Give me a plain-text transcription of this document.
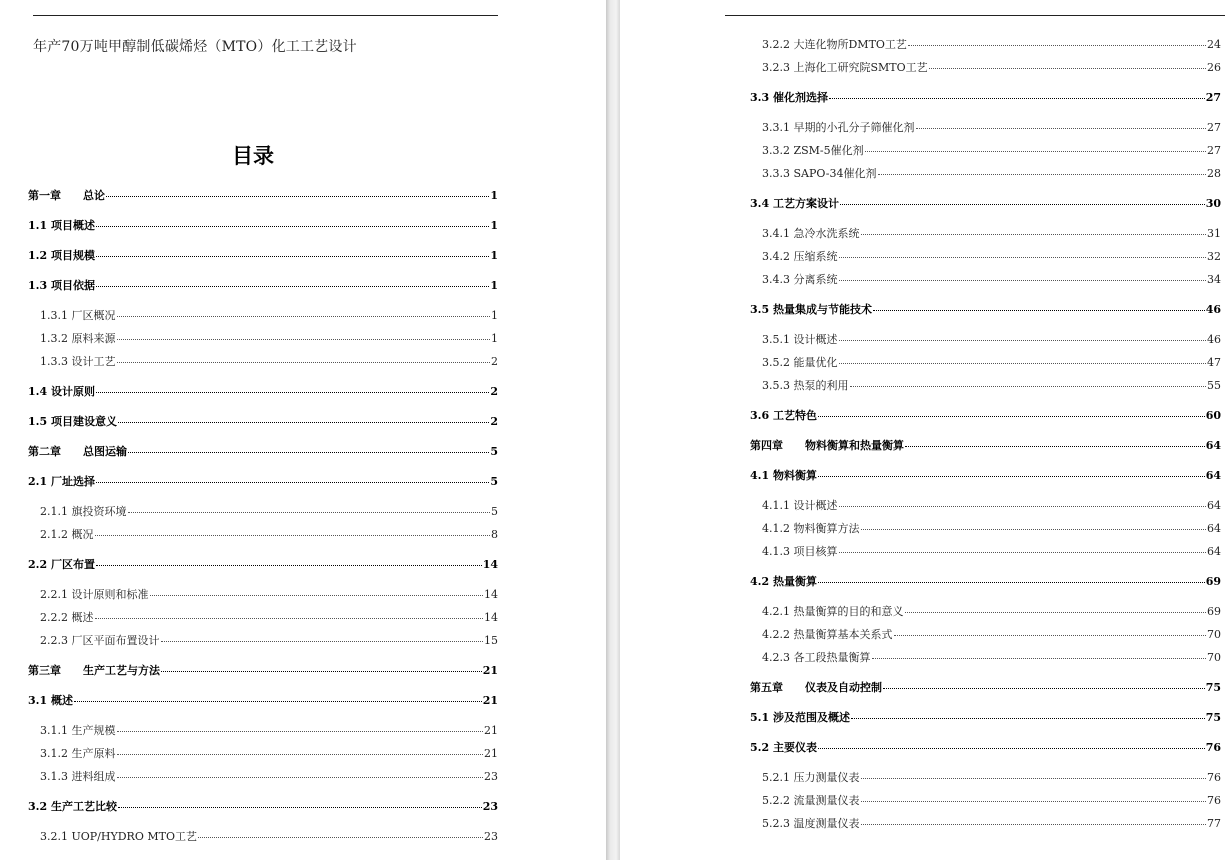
年产70万吨甲醇制低碳烯烃（MTO）化工工艺设计
目录
第一章　　总论	1
1.1 项目概述	1
1.2 项目规模	1
1.3 项目依据	1
1.3.1 厂区概况	1
1.3.2 原料来源	1
1.3.3 设计工艺	2
1.4 设计原则	2
1.5 项目建设意义	2
第二章　　总图运输	5
2.1 厂址选择	5
2.1.1 旗投资环境	5
2.1.2 概况	8
2.2 厂区布置	14
2.2.1 设计原则和标准	14
2.2.2 概述	14
2.2.3 厂区平面布置设计	15
第三章　　生产工艺与方法	21
3.1 概述	21
3.1.1 生产规模	21
3.1.2 生产原料	21
3.1.3 进料组成	23
3.2 生产工艺比较	23
3.2.1 UOP/HYDRO MTO工艺	23
3.2.2 大连化物所DMTO工艺	24
3.2.3 上海化工研究院SMTO工艺	26
3.3 催化剂选择	27
3.3.1 早期的小孔分子筛催化剂	27
3.3.2 ZSM-5催化剂	27
3.3.3 SAPO-34催化剂	28
3.4 工艺方案设计	30
3.4.1 急冷水洗系统	31
3.4.2 压缩系统	32
3.4.3 分离系统	34
3.5 热量集成与节能技术	46
3.5.1 设计概述	46
3.5.2 能量优化	47
3.5.3 热泵的利用	55
3.6 工艺特色	60
第四章　　物料衡算和热量衡算	64
4.1 物料衡算	64
4.1.1 设计概述	64
4.1.2 物料衡算方法	64
4.1.3 项目核算	64
4.2 热量衡算	69
4.2.1 热量衡算的目的和意义	69
4.2.2 热量衡算基本关系式	70
4.2.3 各工段热量衡算	70
第五章　　仪表及自动控制	75
5.1 涉及范围及概述	75
5.2 主要仪表	76
5.2.1 压力测量仪表	76
5.2.2 流量测量仪表	76
5.2.3 温度测量仪表	77
